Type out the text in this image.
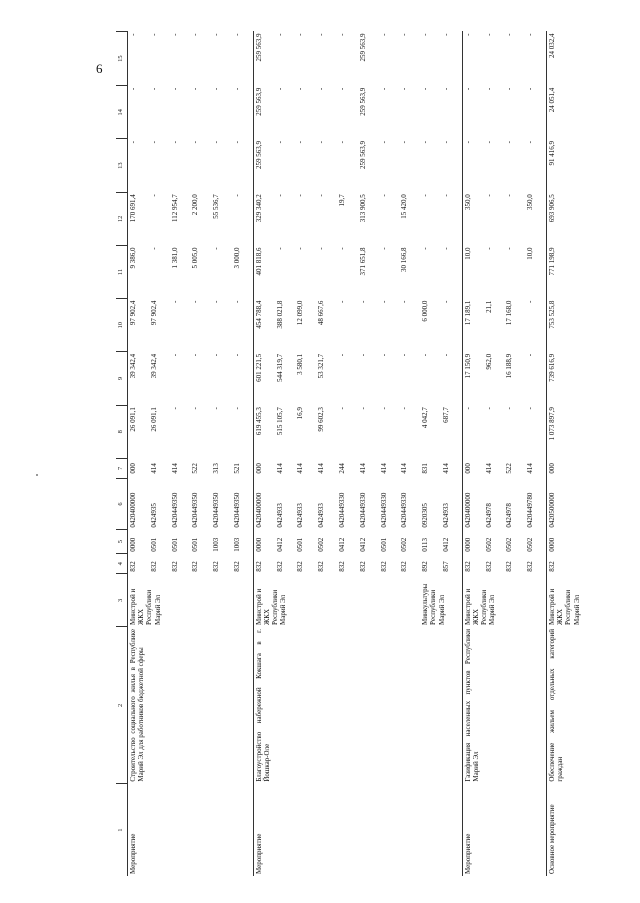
6
1	2	3	4	5	6	7	8	9	10	11	12	13	14	15
Мероприятие	Строительство социального жилья в Республике Марий Эл для работников бюджетной сферы	Минстрой и ЖКХ Республики Марий Эл	832	0000	0420400000	000	26 091,1	39 342,4	97 902,4	9 386,0	170 691,4	-	-	-
			832	0501	0424935	414	26 091,1	39 342,4	97 902,4	-	-	-	-	-
			832	0501	0420449350	414	-	-	-	1 381,0	112 954,7	-	-	-
			832	0501	0420449350	522	-	-	-	5 005,0	2 200,0	-	-	-
			832	1003	0420449350	313	-	-	-	-	55 536,7	-	-	-
			832	1003	0420449350	521	-	-	-	3 000,0	-	-	-	-
Мероприятие	Благоустройство набережной Кокшага в г. Йошкар-Оле	Минстрой и ЖКХ Республики Марий Эл	832	0000	0420400000	000	619 455,3	601 221,5	454 788,4	401 818,6	329 340,2	259 563,9	259 563,9	259 563,9
			832	0412	0424933	414	515 105,7	544 319,7	388 021,8	-	-	-	-	-
			832	0501	0424933	414	16,9	3 580,1	12 099,0	-	-	-	-	-
			832	0502	0424933	414	99 602,3	53 321,7	48 667,6	-	-	-	-	-
			832	0412	0420449330	244	-	-	-	-	19,7	-	-	-
			832	0412	0420449330	414	-	-	-	371 651,8	313 900,5	259 563,9	259 563,9	259 563,9
			832	0501	0420449330	414	-	-	-	-	-	-	-	-
			832	0502	0420449330	414	-	-	-	30 166,8	15 420,0	-	-	-
		Минкультуры Республики Марий Эл	892	0113	0920305	831	4 042,7	-	6 000,0	-	-	-	-	-
			857	0412	0424933	414	687,7	-	-	-	-	-	-	-
Мероприятие	Газификация населенных пунктов Республики Марий Эл	Минстрой и ЖКХ Республики Марий Эл	832	0000	0420400000	000	-	17 150,9	17 189,1	10,0	350,0	-	-	-
			832	0502	0424978	414	-	962,0	21,1	-	-	-	-	-
			832	0502	0424978	522	-	16 188,9	17 168,0	-	-	-	-	-
			832	0502	0420449780	414	-	-	-	10,0	350,0	-	-	-
Основное мероприятие	Обеспечение жильем отдельных категорий граждан	Минстрой и ЖКХ Республики Марий Эл	832	0000	0420500000	000	1 073 897,9	739 616,9	753 525,8	771 198,9	693 906,5	91 416,9	24 051,4	24 032,4
